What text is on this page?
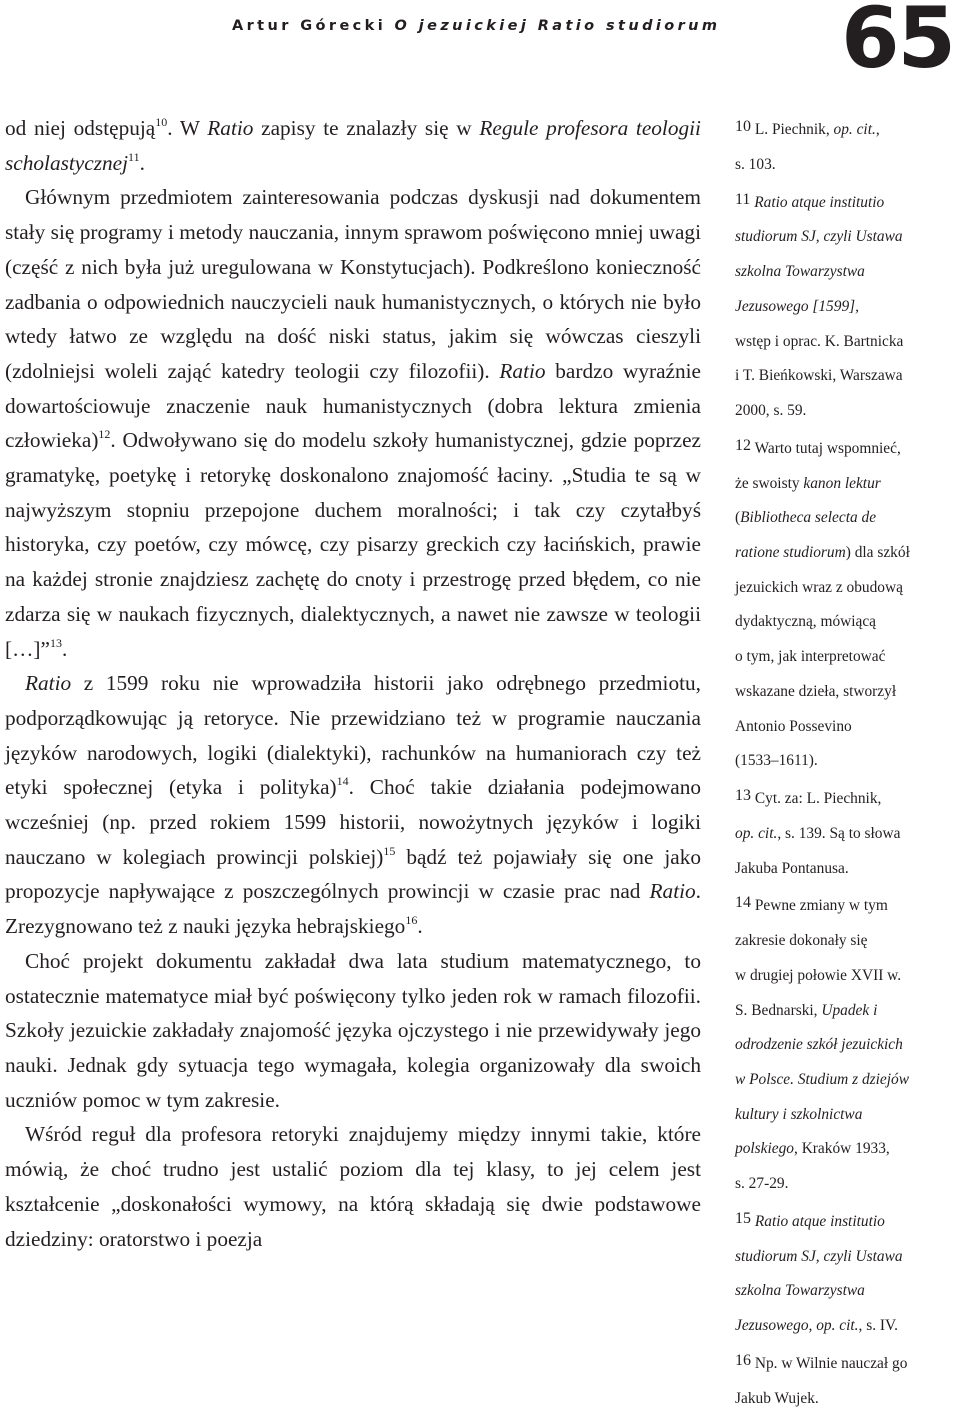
Artur Górecki O jezuickiej Ratio studiorum 65

od niej odstępują$^{10}$. W Ratio zapisy te znalazły się w Regule profesora teologii scholastycznej$^{11}$.

Głównym przedmiotem zainteresowania podczas dyskusji nad dokumentem stały się programy i metody nauczania, innym sprawom poświęcono mniej uwagi (część z nich była już uregulowana w Konstytucjach). Podkreślono konieczność zadbania o odpowiednich nauczycieli nauk humanistycznych, o których nie było wtedy łatwo ze względu na dość niski status, jakim się wówczas cieszyli (zdolniejsi woleli zająć katedry teologii czy filozofii). Ratio bardzo wyraźnie dowartościowuje znaczenie nauk humanistycznych (dobra lektura zmienia człowieka)$^{12}$. Odwoływano się do modelu szkoły humanistycznej, gdzie poprzez gramatykę, poetykę i retorykę doskonalono znajomość łaciny. „Studia te są w najwyższym stopniu przepojone duchem moralności; i tak czy czytałbyś historyka, czy poetów, czy mówcę, czy pisarzy greckich czy łacińskich, prawie na każdej stronie znajdziesz zachętę do cnoty i przestrogę przed błędem, co nie zdarza się w naukach fizycznych, dialektycznych, a nawet nie zawsze w teologii […]”$^{13}$.

Ratio z 1599 roku nie wprowadziła historii jako odrębnego przedmiotu, podporządkowując ją retoryce. Nie przewidziano też w programie nauczania języków narodowych, logiki (dialektyki), rachunków na humaniorach czy też etyki społecznej (etyka i polityka)$^{14}$. Choć takie działania podejmowano wcześniej (np. przed rokiem 1599 historii, nowożytnych języków i logiki nauczano w kolegiach prowincji polskiej)$^{15}$ bądź też pojawiały się one jako propozycje napływające z poszczególnych prowincji w czasie prac nad Ratio. Zrezygnowano też z nauki języka hebrajskiego$^{16}$.

Choć projekt dokumentu zakładał dwa lata studium matematycznego, to ostatecznie matematyce miał być poświęcony tylko jeden rok w ramach filozofii. Szkoły jezuickie zakładały znajomość języka ojczystego i nie przewidywały jego nauki. Jednak gdy sytuacja tego wymagała, kolegia organizowały dla swoich uczniów pomoc w tym zakresie.

Wśród reguł dla profesora retoryki znajdujemy między innymi takie, które mówią, że choć trudno jest ustalić poziom dla tej klasy, to jej celem jest kształcenie „doskonałości wymowy, na którą składają się dwie podstawowe dziedziny: oratorstwo i poezja

10 L. Piechnik, op. cit.,
s. 103.

11 Ratio atque institutio
studiorum SJ, czyli Ustawa
szkolna Towarzystwa
Jezusowego [1599],
wstęp i oprac. K. Bartnicka
i T. Bieńkowski, Warszawa
2000, s. 59.

12 Warto tutaj wspomnieć,
że swoisty kanon lektur
(Bibliotheca selecta de
ratione studiorum) dla szkół
jezuickich wraz z obudową
dydaktyczną, mówiącą
o tym, jak interpretować
wskazane dzieła, stworzył
Antonio Possevino
(1533–1611).

13 Cyt. za: L. Piechnik,
op. cit., s. 139. Są to słowa
Jakuba Pontanusa.

14 Pewne zmiany w tym
zakresie dokonały się
w drugiej połowie XVII w.
S. Bednarski, Upadek i
odrodzenie szkół jezuickich
w Polsce. Studium z dziejów
kultury i szkolnictwa
polskiego, Kraków 1933,
s. 27-29.

15 Ratio atque institutio
studiorum SJ, czyli Ustawa
szkolna Towarzystwa
Jezusowego, op. cit., s. IV.

16 Np. w Wilnie nauczał go
Jakub Wujek.
